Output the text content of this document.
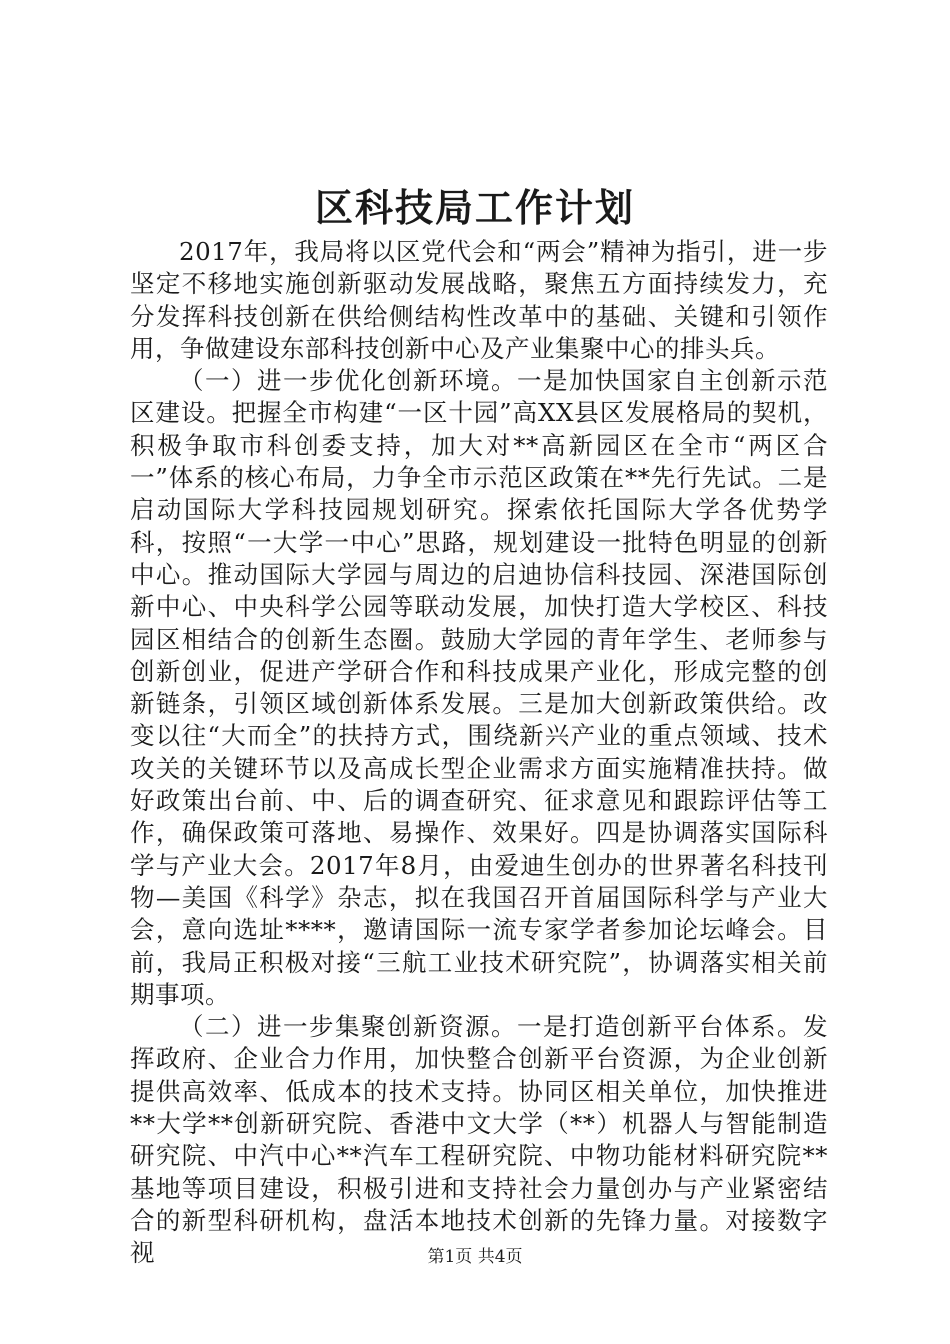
区科技局工作计划

2017年，我局将以区党代会和“两会”精神为指引，进一步坚定不移地实施创新驱动发展战略，聚焦五方面持续发力，充分发挥科技创新在供给侧结构性改革中的基础、关键和引领作用，争做建设东部科技创新中心及产业集聚中心的排头兵。

（一）进一步优化创新环境。一是加快国家自主创新示范区建设。把握全市构建“一区十园”高XX县区发展格局的契机，积极争取市科创委支持，加大对**高新园区在全市“两区合一”体系的核心布局，力争全市示范区政策在**先行先试。二是启动国际大学科技园规划研究。探索依托国际大学各优势学科，按照“一大学一中心”思路，规划建设一批特色明显的创新中心。推动国际大学园与周边的启迪协信科技园、深港国际创新中心、中央科学公园等联动发展，加快打造大学校区、科技园区相结合的创新生态圈。鼓励大学园的青年学生、老师参与创新创业，促进产学研合作和科技成果产业化，形成完整的创新链条，引领区域创新体系发展。三是加大创新政策供给。改变以往“大而全”的扶持方式，围绕新兴产业的重点领域、技术攻关的关键环节以及高成长型企业需求方面实施精准扶持。做好政策出台前、中、后的调查研究、征求意见和跟踪评估等工作，确保政策可落地、易操作、效果好。四是协调落实国际科学与产业大会。2017年8月，由爱迪生创办的世界著名科技刊物—美国《科学》杂志，拟在我国召开首届国际科学与产业大会，意向选址****，邀请国际一流专家学者参加论坛峰会。目前，我局正积极对接“三航工业技术研究院”，协调落实相关前期事项。

（二）进一步集聚创新资源。一是打造创新平台体系。发挥政府、企业合力作用，加快整合创新平台资源，为企业创新提供高效率、低成本的技术支持。协同区相关单位，加快推进**大学**创新研究院、香港中文大学（**）机器人与智能制造研究院、中汽中心**汽车工程研究院、中物功能材料研究院**基地等项目建设，积极引进和支持社会力量创办与产业紧密结合的新型科研机构，盘活本地技术创新的先锋力量。对接数字视	第1页 共4页
